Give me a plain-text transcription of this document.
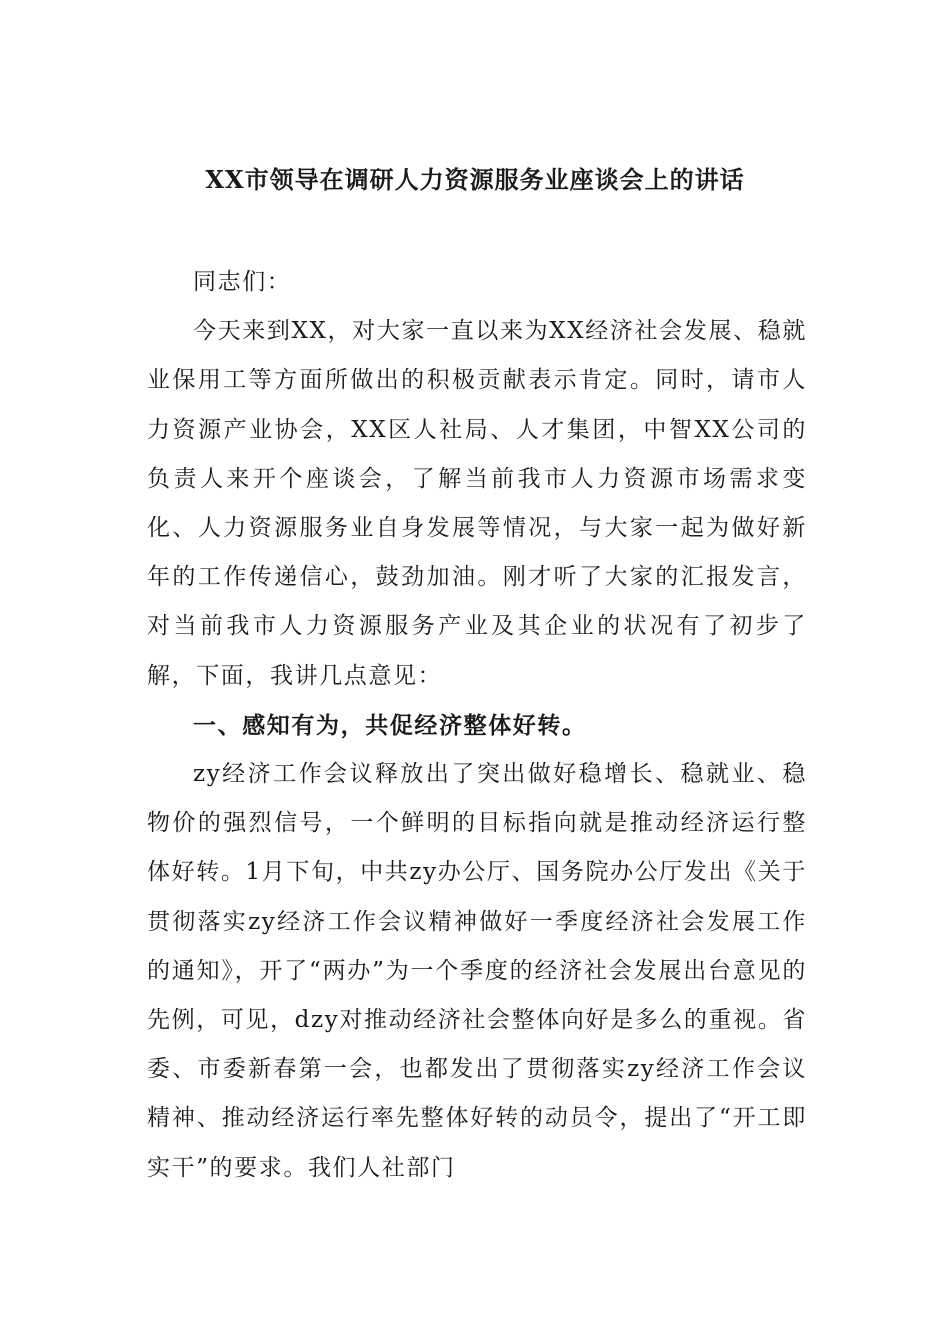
XX市领导在调研人力资源服务业座谈会上的讲话

同志们：

今天来到XX，对大家一直以来为XX经济社会发展、稳就业保用工等方面所做出的积极贡献表示肯定。同时，请市人力资源产业协会，XX区人社局、人才集团，中智XX公司的负责人来开个座谈会，了解当前我市人力资源市场需求变化、人力资源服务业自身发展等情况，与大家一起为做好新年的工作传递信心，鼓劲加油。刚才听了大家的汇报发言，对当前我市人力资源服务产业及其企业的状况有了初步了解，下面，我讲几点意见：

一、感知有为，共促经济整体好转。

zy经济工作会议释放出了突出做好稳增长、稳就业、稳物价的强烈信号，一个鲜明的目标指向就是推动经济运行整体好转。1月下旬，中共zy办公厅、国务院办公厅发出《关于贯彻落实zy经济工作会议精神做好一季度经济社会发展工作的通知》，开了“两办”为一个季度的经济社会发展出台意见的先例，可见，dzy对推动经济社会整体向好是多么的重视。省委、市委新春第一会，也都发出了贯彻落实zy经济工作会议精神、推动经济运行率先整体好转的动员令，提出了“开工即实干”的要求。我们人社部门
